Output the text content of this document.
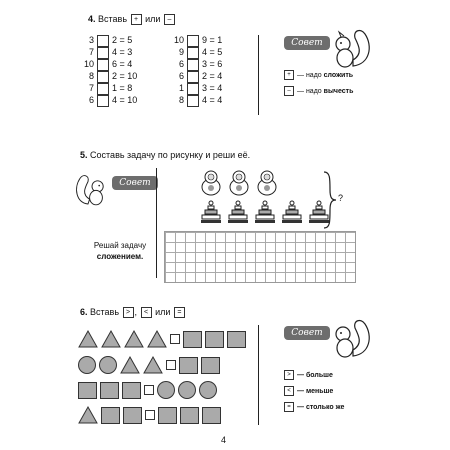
4. Вставь + или –
3 2 = 5
7 4 = 3
10 6 = 4
8 2 = 10
7 1 = 8
6 4 = 10
10 9 = 1
9 4 = 5
6 3 = 6
6 2 = 4
1 3 = 4
8 4 = 4
Совет
+ — надо сложить
– — надо вычесть
5. Составь задачу по рисунку и реши её.
Совет
Решай задачу
сложением.
?
6. Вставь > , < или =
Совет
> — больше
< — меньше
= — столько же
4
